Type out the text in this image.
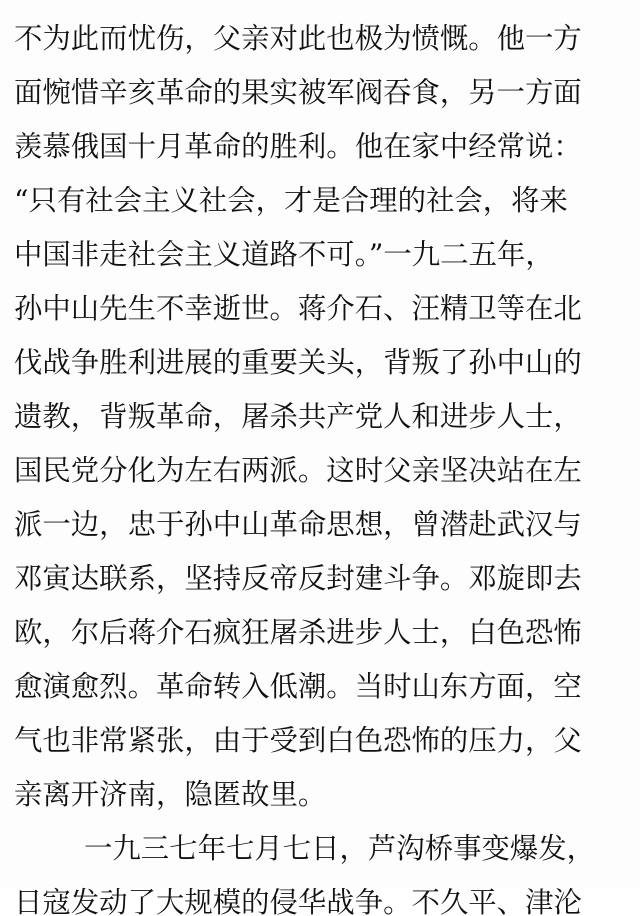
不为此而忧伤，父亲对此也极为愤慨。他一方
面惋惜辛亥革命的果实被军阀吞食，另一方面
羡慕俄国十月革命的胜利。他在家中经常说：
“只有社会主义社会，才是合理的社会，将来
中国非走社会主义道路不可。”一九二五年，
孙中山先生不幸逝世。蒋介石、汪精卫等在北
伐战争胜利进展的重要关头，背叛了孙中山的
遗教，背叛革命，屠杀共产党人和进步人士，
国民党分化为左右两派。这时父亲坚决站在左
派一边，忠于孙中山革命思想，曾潜赴武汉与
邓寅达联系，坚持反帝反封建斗争。邓旋即去
欧，尔后蒋介石疯狂屠杀进步人士，白色恐怖
愈演愈烈。革命转入低潮。当时山东方面，空
气也非常紧张，由于受到白色恐怖的压力，父
亲离开济南，隐匿故里。
一九三七年七月七日，芦沟桥事变爆发，
日寇发动了大规模的侵华战争。不久平、津沦
